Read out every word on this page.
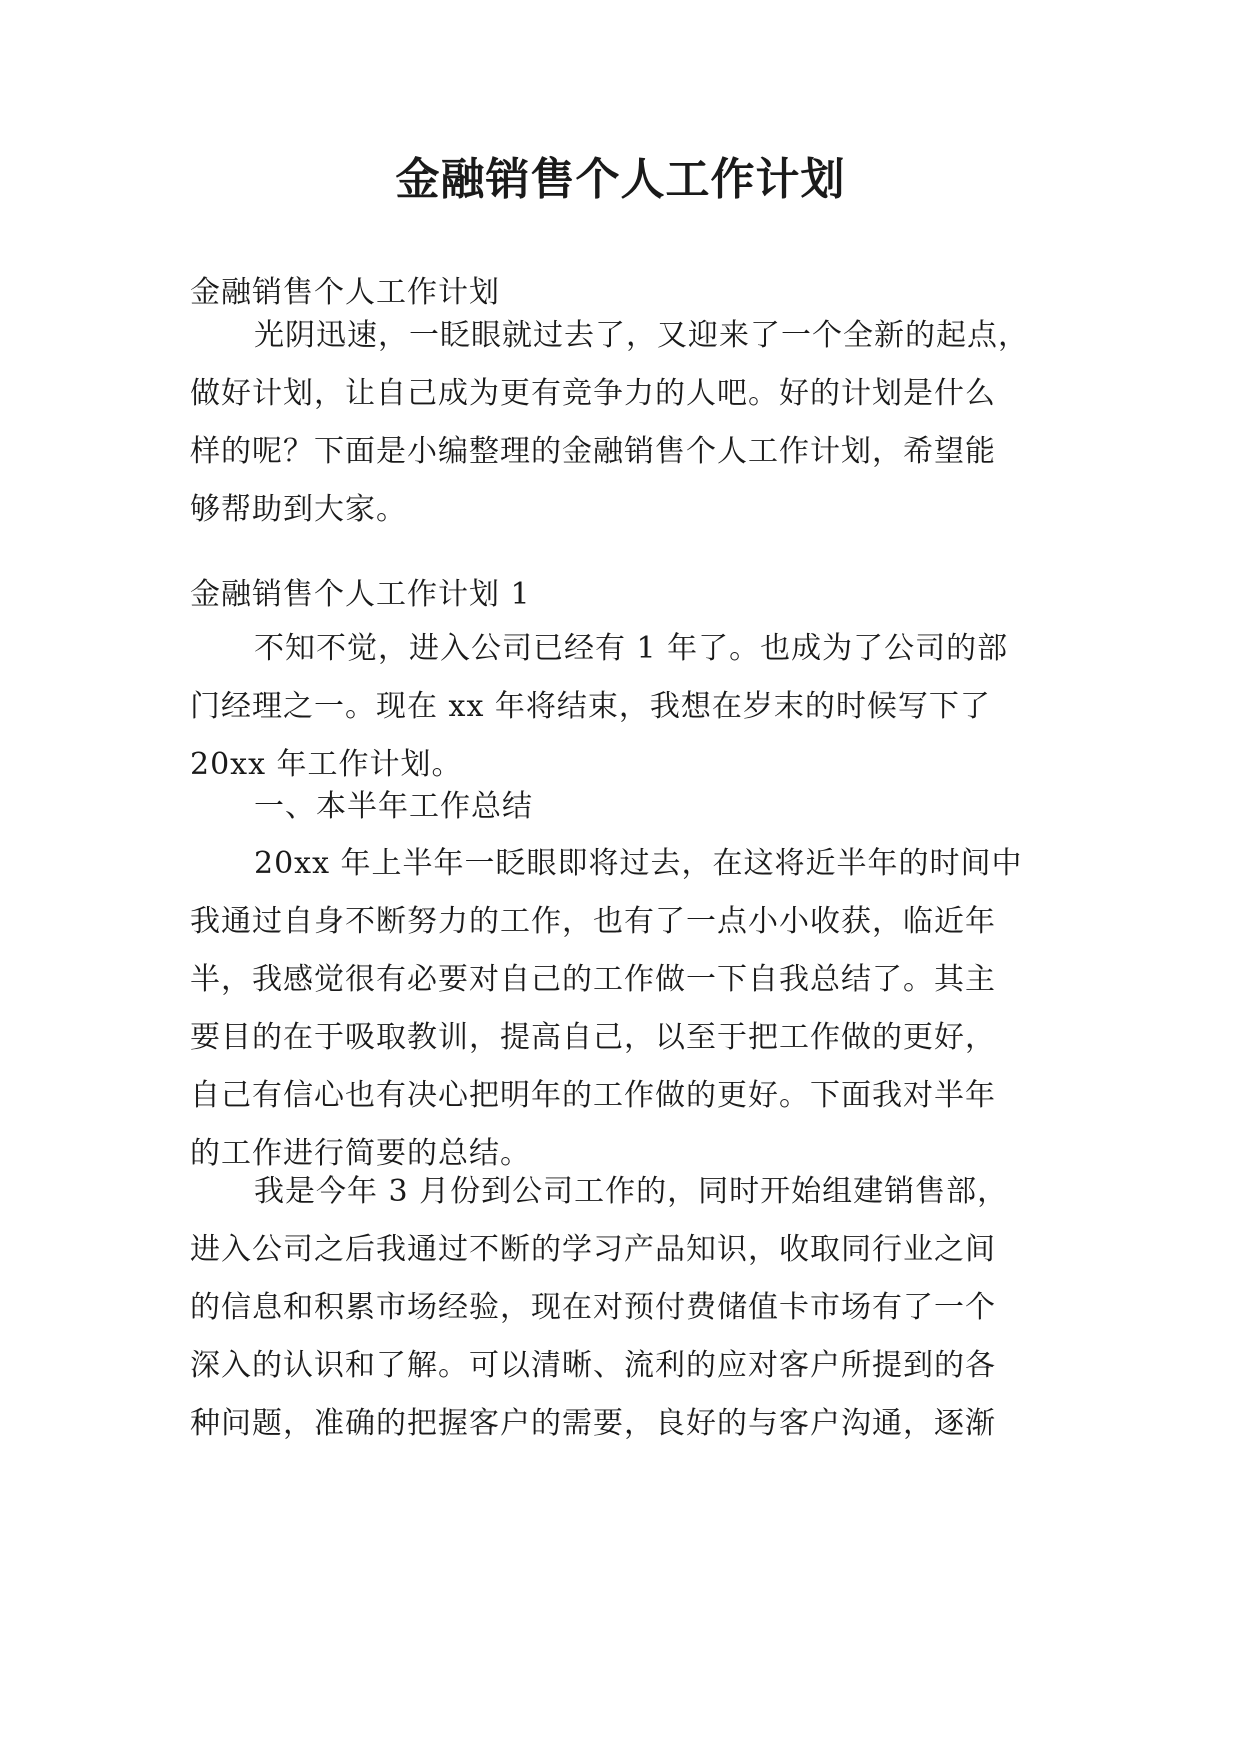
金融销售个人工作计划

金融销售个人工作计划

光阴迅速，一眨眼就过去了，又迎来了一个全新的起点，
做好计划，让自己成为更有竞争力的人吧。好的计划是什么
样的呢？下面是小编整理的金融销售个人工作计划，希望能
够帮助到大家。

金融销售个人工作计划 1

不知不觉，进入公司已经有 1 年了。也成为了公司的部
门经理之一。现在 xx 年将结束，我想在岁末的时候写下了
20xx 年工作计划。

一、本半年工作总结

20xx 年上半年一眨眼即将过去，在这将近半年的时间中
我通过自身不断努力的工作，也有了一点小小收获，临近年
半，我感觉很有必要对自己的工作做一下自我总结了。其主
要目的在于吸取教训，提高自己，以至于把工作做的更好，
自己有信心也有决心把明年的工作做的更好。下面我对半年
的工作进行简要的总结。

我是今年 3 月份到公司工作的，同时开始组建销售部，
进入公司之后我通过不断的学习产品知识，收取同行业之间
的信息和积累市场经验，现在对预付费储值卡市场有了一个
深入的认识和了解。可以清晰、流利的应对客户所提到的各
种问题，准确的把握客户的需要，良好的与客户沟通，逐渐
